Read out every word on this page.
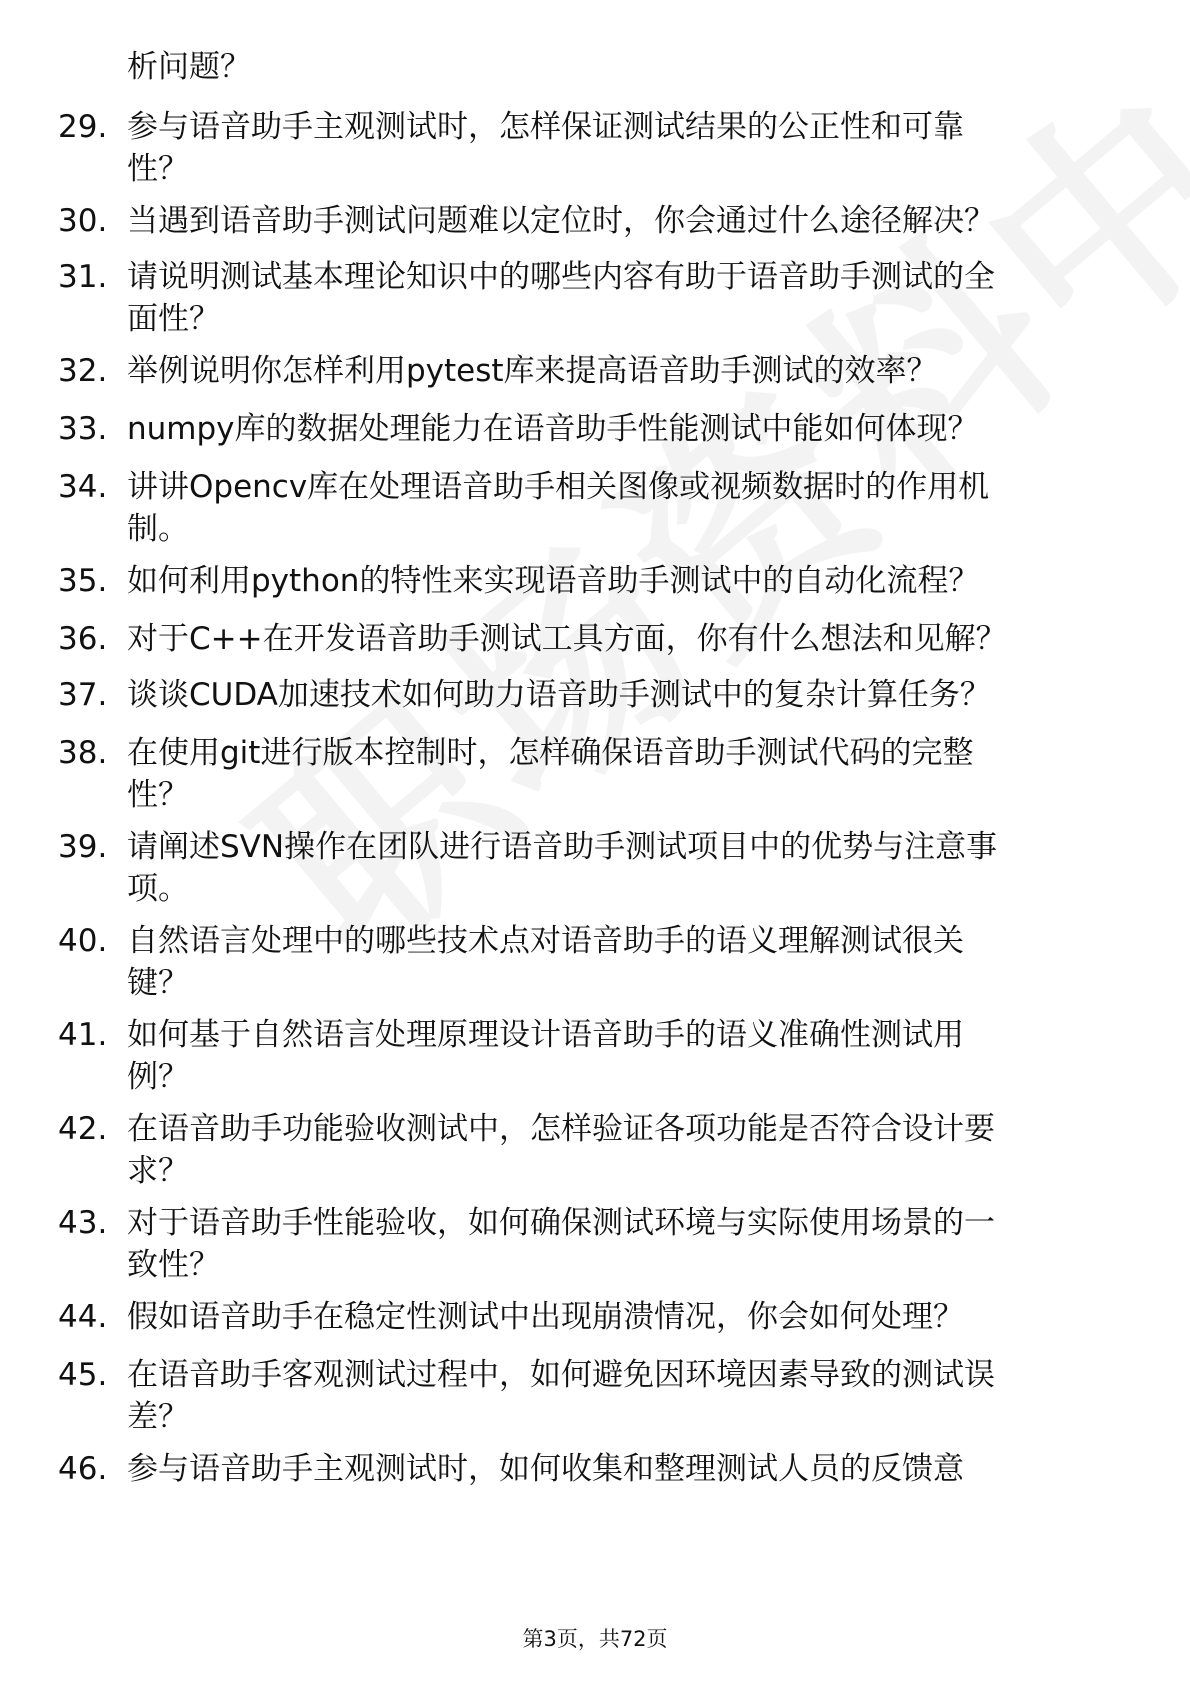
析问题？
29. 参与语音助手主观测试时，怎样保证测试结果的公正性和可靠
性？
30. 当遇到语音助手测试问题难以定位时，你会通过什么途径解决？
31. 请说明测试基本理论知识中的哪些内容有助于语音助手测试的全
面性？
32. 举例说明你怎样利用pytest库来提高语音助手测试的效率？
33. numpy库的数据处理能力在语音助手性能测试中能如何体现？
34. 讲讲Opencv库在处理语音助手相关图像或视频数据时的作用机
制。
35. 如何利用python的特性来实现语音助手测试中的自动化流程？
36. 对于C++在开发语音助手测试工具方面，你有什么想法和见解？
37. 谈谈CUDA加速技术如何助力语音助手测试中的复杂计算任务？
38. 在使用git进行版本控制时，怎样确保语音助手测试代码的完整
性？
39. 请阐述SVN操作在团队进行语音助手测试项目中的优势与注意事
项。
40. 自然语言处理中的哪些技术点对语音助手的语义理解测试很关
键？
41. 如何基于自然语言处理原理设计语音助手的语义准确性测试用
例？
42. 在语音助手功能验收测试中，怎样验证各项功能是否符合设计要
求？
43. 对于语音助手性能验收，如何确保测试环境与实际使用场景的一
致性？
44. 假如语音助手在稳定性测试中出现崩溃情况，你会如何处理？
45. 在语音助手客观测试过程中，如何避免因环境因素导致的测试误
差？
46. 参与语音助手主观测试时，如何收集和整理测试人员的反馈意
第3页，共72页
